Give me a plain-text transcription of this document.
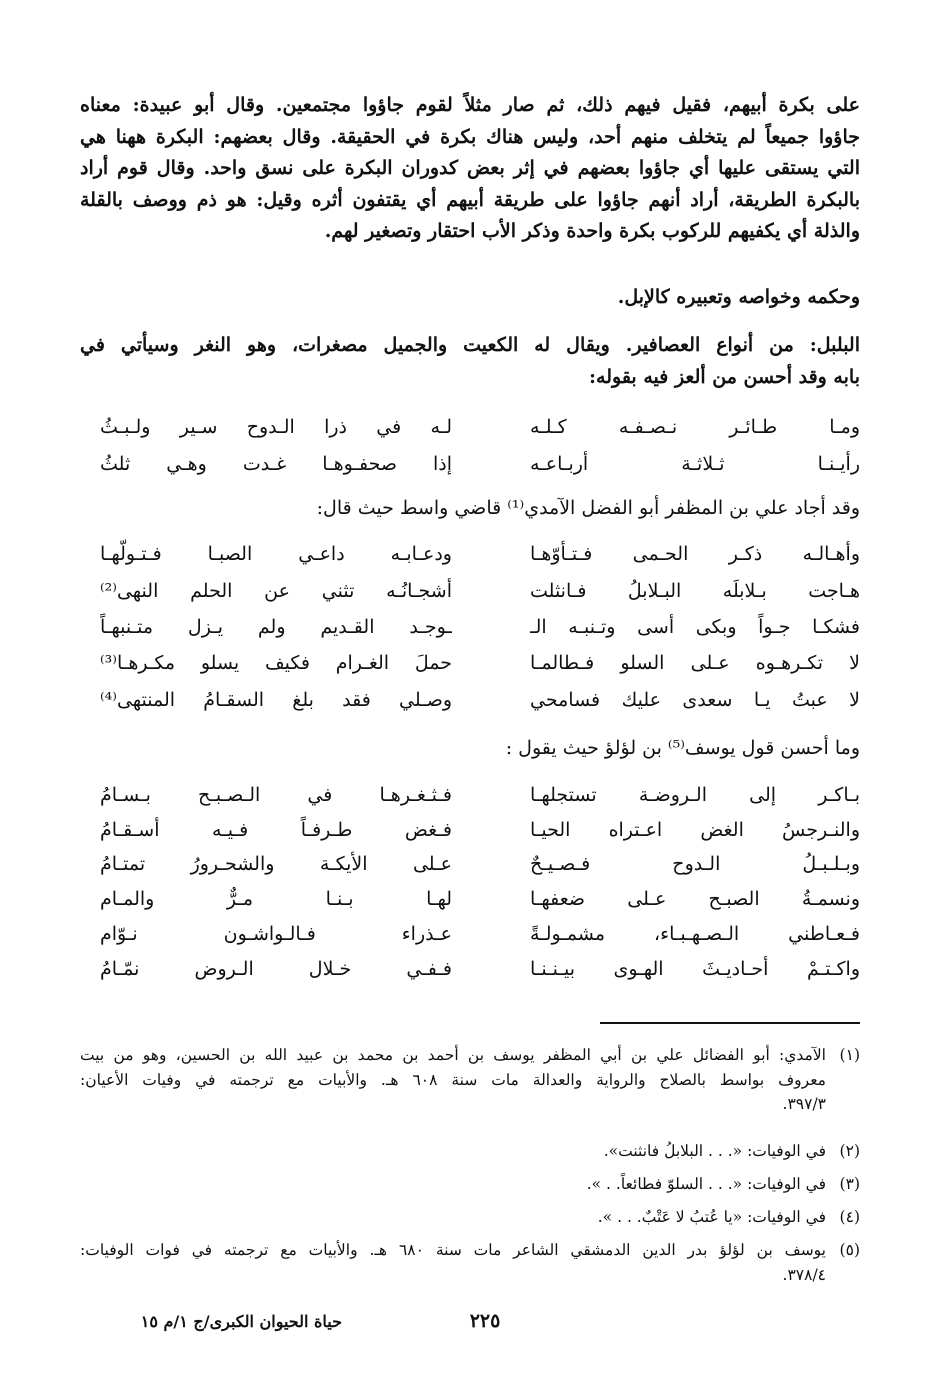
على بكرة أبيهم، فقيل فيهم ذلك، ثم صار مثلاً لقوم جاؤوا مجتمعين. وقال أبو عبيدة: معناه
جاؤوا جميعاً لم يتخلف منهم أحد، وليس هناك بكرة في الحقيقة. وقال بعضهم: البكرة ههنا هي
التي يستقى عليها أي جاؤوا بعضهم في إثر بعض كدوران البكرة على نسق واحد. وقال قوم أراد
بالبكرة الطريقة، أراد أنهم جاؤوا على طريقة أبيهم أي يقتفون أثره وقيل: هو ذم ووصف بالقلة
والذلة أي يكفيهم للركوب بكرة واحدة وذكر الأب احتقار وتصغير لهم.
وحكمه وخواصه وتعبيره كالإبل.
البلبل: من أنواع العصافير. ويقال له الكعيت والجميل مصغرات، وهو النغر وسيأتي في
بابه وقد أحسن من ألعز فيه بقوله:
ومـا طـائـر نـصـفـه كـلـه
لـه في ذرا الـدوح سـير ولـبـثُ
رأيـنـا ثـلاثـة أربـاعـه
إذا صحفـوهـا غـدت وهـي ثلثُ
وقد أجاد علي بن المظفر أبو الفضل الآمدي⁽¹⁾ قاضي واسط حيث قال:
وأهـالـه ذكـر الحـمى فـتـأوّهـا
ودعـابـه داعـي الصبـا فـتـولّهـا
هـاجت بـلابلَه البـلابلُ فـانثلت
أشجـانُـه تثني عن الحلم النهى⁽²⁾
فشكـا جـواً وبكى أسى وتـنبـه الـ
ـوجـد القـديم ولم يـزل متـنبهـاً
لا تكـرهـوه عـلى السلو فـطالمـا
حملَ الغـرام فكيف يسلو مكـرهـا⁽³⁾
لا عبتُ يـا سعدى عليك فسامحي
وصـلي فقد بلغ السقـامُ المنتهى⁽⁴⁾
وما أحسن قول يوسف⁽⁵⁾ بن لؤلؤ حيث يقول :
بـاكـر إلى الـروضـة تستجلهـا
فـثـغـرهـا في الـصـبـح بـسـامُ
والنـرجسُ الغض اعـتراه الحيـا
فـغض طـرفـاً فـيـه أسـقـامُ
وبـلـبـلُ الـدوح فـصـيـحٌ
عـلى الأيكـة والشحـرورُ تمتـامُ
ونسمـةُ الصبـح عـلى ضعفهـا
لهـا بـنـا مـرٌّ والمـام
فـعـاطني الـصـهـبـاء، مشمـولـةً
عـذراء فـالـواشـون نـوّام
واكـتـمْ أحـاديـثَ الهـوى بيـنـنـا
فـفـي خـلال الـروض نمّـامُ
(١)الآمدي: أبو الفضائل علي بن أبي المظفر يوسف بن أحمد بن محمد بن عبيد الله بن الحسين، وهو من بيت
معروف بواسط بالصلاح والرواية والعدالة مات سنة ٦٠٨ هـ. والأبيات مع ترجمته في وفيات الأعيان:
٣٩٧/٣.
(٢)في الوفيات: «. . . البلابلُ فانثنت».
(٣)في الوفيات: «. . . السلوّ فطائعاً. . ».
(٤)في الوفيات: «يا عُتبُ لا عَتْبٌ. . . ».
(٥)يوسف بن لؤلؤ بدر الدين الدمشقي الشاعر مات سنة ٦٨٠ هـ. والأبيات مع ترجمته في فوات الوفيات:
٣٧٨/٤.
حياة الحيوان الكبرى/ج ١/م ١٥	٢٢٥
